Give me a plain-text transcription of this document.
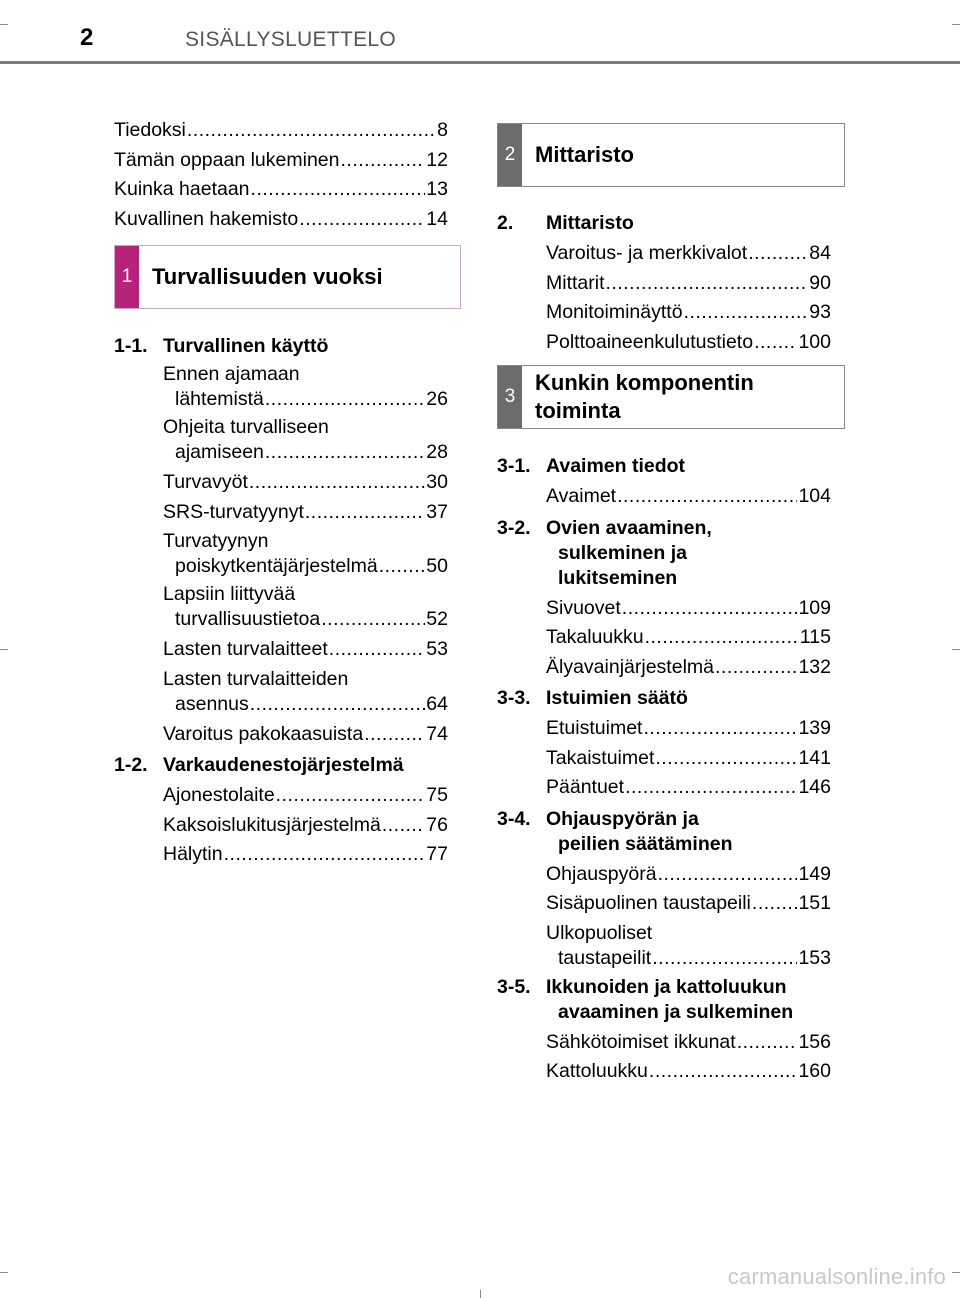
2	SISÄLLYSLUETTELO
Tiedoksi .....	8
Tämän oppaan lukeminen .....	12
Kuinka haetaan .....	13
Kuvallinen hakemisto .....	14
1 Turvallisuuden vuoksi
1-1. Turvallinen käyttö
Ennen ajamaan
lähtemistä .....	26
Ohjeita turvalliseen
ajamiseen .....	28
Turvavyöt .....	30
SRS-turvatyynyt .....	37
Turvatyynyn
poiskytkentäjärjestelmä ..... 50
Lapsiin liittyvää
turvallisuustietoa .....	52
Lasten turvalaitteet .....	53
Lasten turvalaitteiden
asennus .....	64
Varoitus pakokaasuista .....	74
1-2. Varkaudenestojärjestelmä
Ajonestolaite .....	75
Kaksoislukitusjärjestelmä ..... 76
Hälytin .....	77
2 Mittaristo
2.	Mittaristo
Varoitus- ja merkkivalot .....	84
Mittarit .....	90
Monitoiminäyttö .....	93
Polttoaineenkulutustieto ..... 100
3
Kunkin komponentin
toiminta
3-1. Avaimen tiedot
Avaimet .....	104
3-2. Ovien avaaminen,
sulkeminen ja
lukitseminen
Sivuovet .....	109
Takaluukku .....	115
Älyavainjärjestelmä .....	132
3-3. Istuimien säätö
Etuistuimet .....	139
Takaistuimet .....	141
Pääntuet .....	146
3-4. Ohjauspyörän ja
peilien säätäminen
Ohjauspyörä .....	149
Sisäpuolinen taustapeili ..... 151
Ulkopuoliset
taustapeilit .....	153
3-5. Ikkunoiden ja kattoluukun
avaaminen ja sulkeminen
Sähkötoimiset ikkunat .....	156
Kattoluukku .....	160
carmanualsonline.info
